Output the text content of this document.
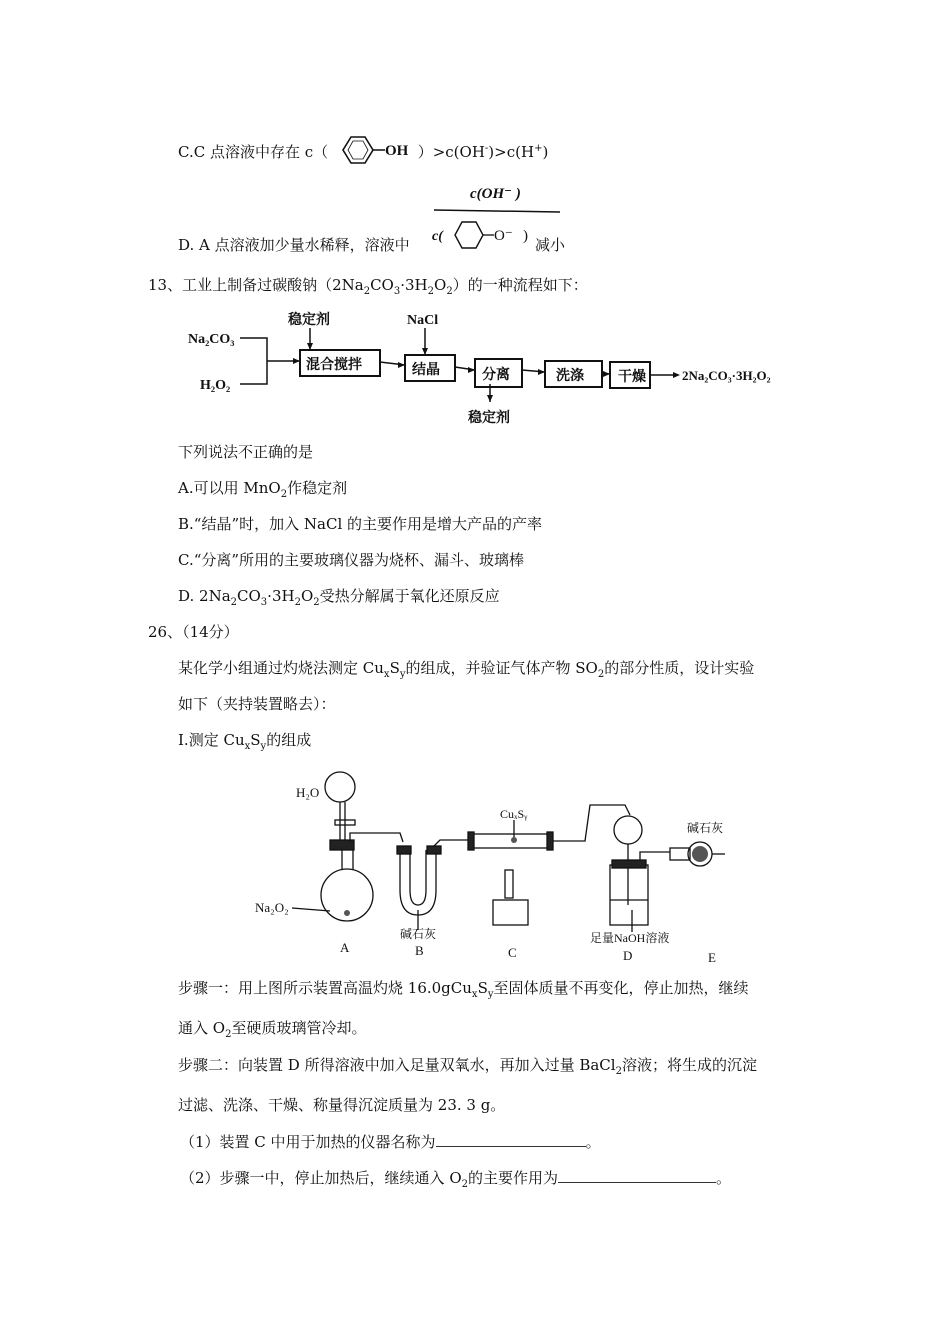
C.C 点溶液中存在 c（	OH ）>c(OH-)>c(H+)
D. A 点溶液加少量水稀释，溶液中
c(OH⁻ )
c(	O⁻ ) 减小
13、工业上制备过碳酸钠$(2Na_2CO_3\cdot 3H_2O_2)$的一种流程如下：
Na₂CO₃
H₂O₂
稳定剂	NaCl
混合搅拌	结晶	分离	洗涤 干燥
稳定剂
2Na₂CO₃·3H₂O₂
下列说法不正确的是
A.可以用 MnO$_2$作稳定剂
B.“结晶”时，加入 NaCl 的主要作用是增大产品的产率
C.“分离”所用的主要玻璃仪器为烧杯、漏斗、玻璃棒
D. $2Na_2CO_3\cdot 3H_2O_2$受热分解属于氧化还原反应
26、（14分）
某化学小组通过灼烧法测定 $Cu_xS_y$的组成，并验证气体产物 $SO_2$的部分性质，设计实验
如下（夹持装置略去）：
I.测定 $Cu_xS_y$的组成
H₂O
Na₂O₂
CuₓSᵧ
碱石灰
碱石灰
足量NaOH溶液
A	B	C	D	E
步骤一：用上图所示装置高温灼烧 $16.0gCu_xS_y$至固体质量不再变化，停止加热，继续
通入 $O_2$至硬质玻璃管冷却。
步骤二：向装置 D 所得溶液中加入足量双氧水，再加入过量 BaCl$_2$溶液；将生成的沉淀
过滤、洗涤、干燥、称量得沉淀质量为 23. 3 g。
（1）装置 C 中用于加热的仪器名称为	。
（2）步骤一中，停止加热后，继续通入 $O_2$的主要作用为	。
